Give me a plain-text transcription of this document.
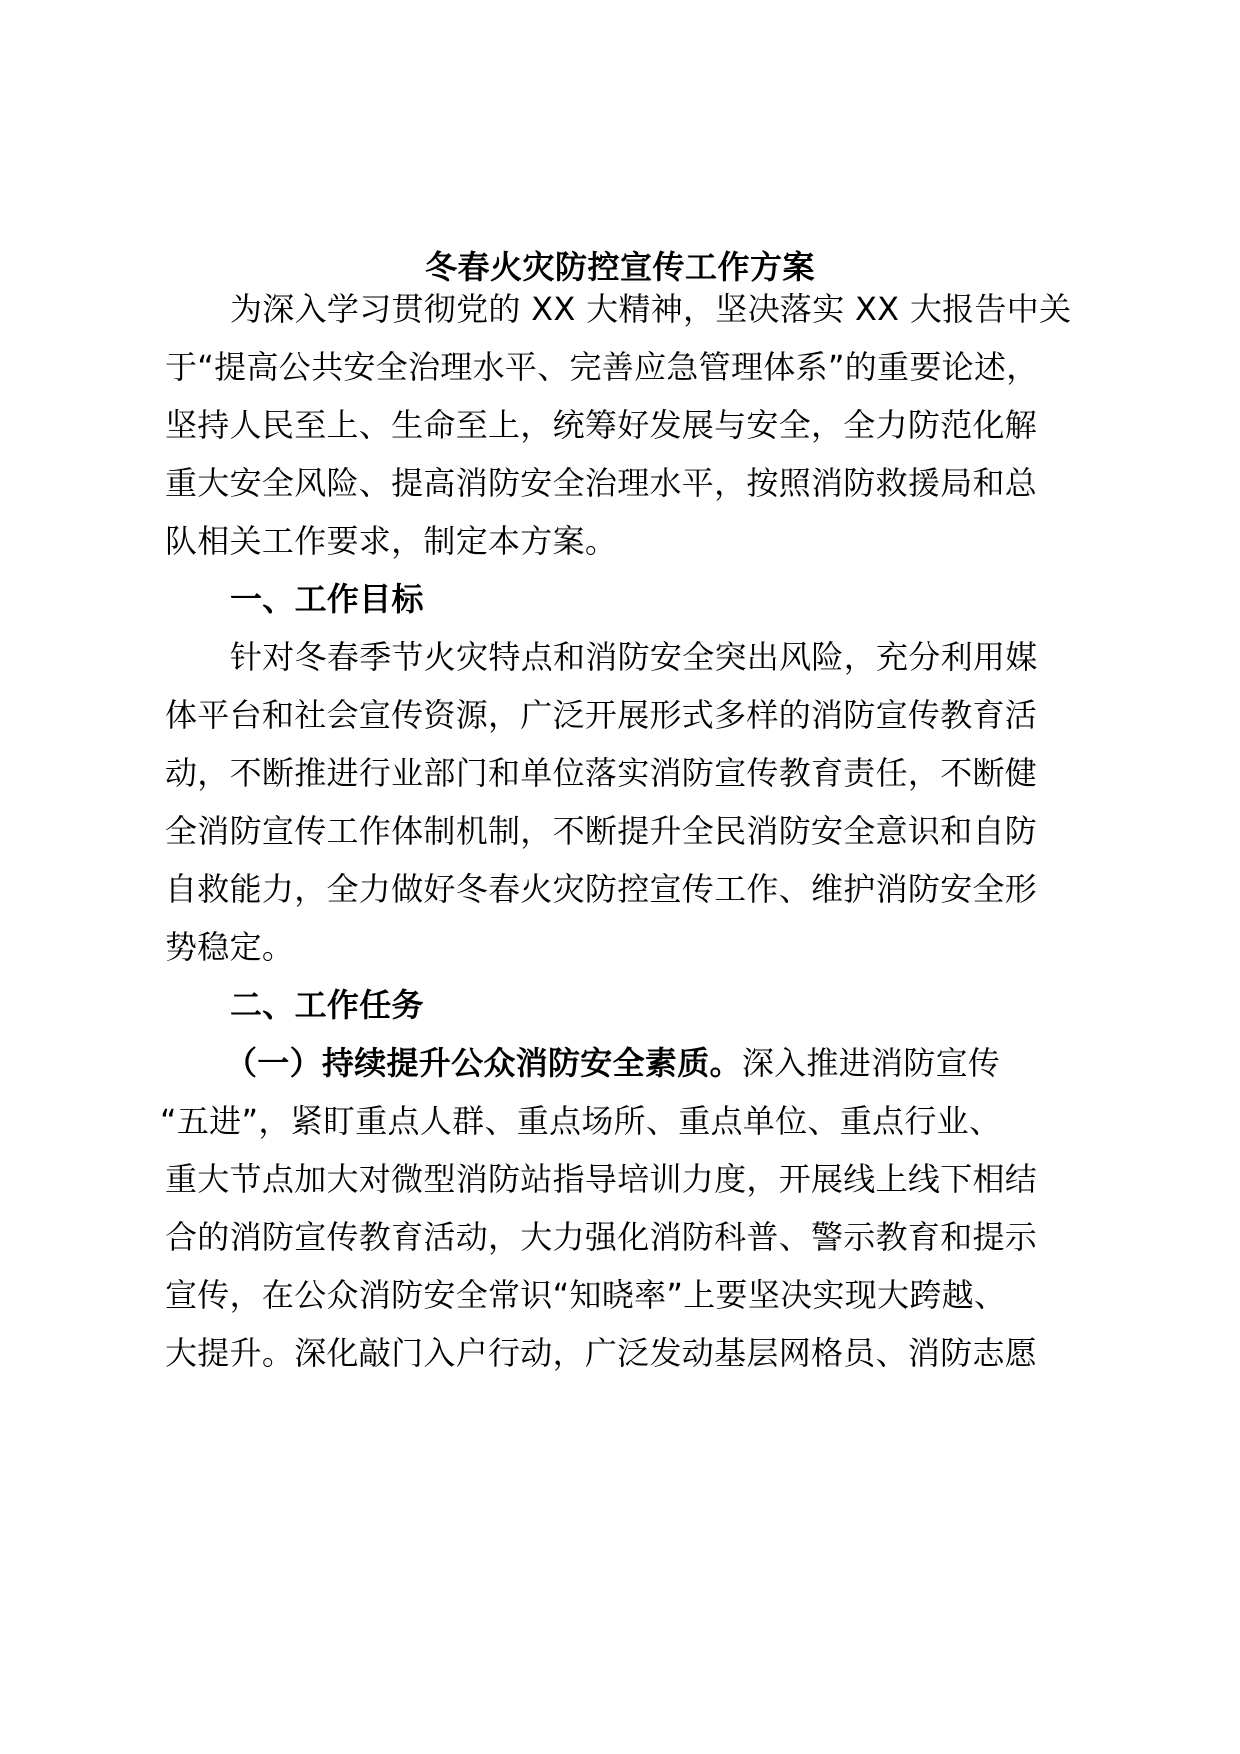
冬春火灾防控宣传工作方案
为深入学习贯彻党的 XX 大精神，坚决落实 XX 大报告中关
于“提高公共安全治理水平、完善应急管理体系”的重要论述，
坚持人民至上、生命至上，统筹好发展与安全，全力防范化解
重大安全风险、提高消防安全治理水平，按照消防救援局和总
队相关工作要求，制定本方案。
一、工作目标
针对冬春季节火灾特点和消防安全突出风险，充分利用媒
体平台和社会宣传资源，广泛开展形式多样的消防宣传教育活
动，不断推进行业部门和单位落实消防宣传教育责任，不断健
全消防宣传工作体制机制，不断提升全民消防安全意识和自防
自救能力，全力做好冬春火灾防控宣传工作、维护消防安全形
势稳定。
二、工作任务
（一）持续提升公众消防安全素质。深入推进消防宣传
“五进”，紧盯重点人群、重点场所、重点单位、重点行业、
重大节点加大对微型消防站指导培训力度，开展线上线下相结
合的消防宣传教育活动，大力强化消防科普、警示教育和提示
宣传，在公众消防安全常识“知晓率”上要坚决实现大跨越、
大提升。深化敲门入户行动，广泛发动基层网格员、消防志愿
